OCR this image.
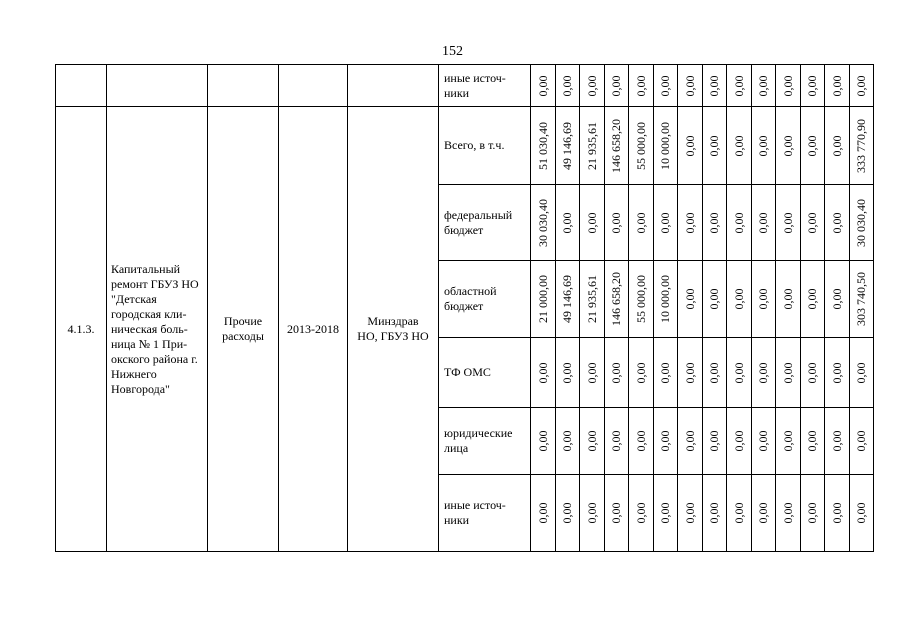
152
					иные источ-
ники	0,00	0,00	0,00	0,00	0,00	0,00	0,00	0,00	0,00	0,00	0,00	0,00	0,00	0,00

4.1.3.	Капитальный ремонт ГБУЗ НО "Детская городская кли-ническая боль-ница № 1 При-окского района г. Нижнего Новгорода"	Прочие расходы	2013-2018	Минздрав НО, ГБУЗ НО	Всего, в т.ч.	51 030,40	49 146,69	21 935,61	146 658,20	55 000,00	10 000,00	0,00	0,00	0,00	0,00	0,00	0,00	0,00	333 770,90

					федеральный бюджет	30 030,40	0,00	0,00	0,00	0,00	0,00	0,00	0,00	0,00	0,00	0,00	0,00	0,00	30 030,40

					областной бюджет	21 000,00	49 146,69	21 935,61	146 658,20	55 000,00	10 000,00	0,00	0,00	0,00	0,00	0,00	0,00	0,00	303 740,50

					ТФ ОМС	0,00	0,00	0,00	0,00	0,00	0,00	0,00	0,00	0,00	0,00	0,00	0,00	0,00	0,00

					юридические лица	0,00	0,00	0,00	0,00	0,00	0,00	0,00	0,00	0,00	0,00	0,00	0,00	0,00	0,00

					иные источ-
ники	0,00	0,00	0,00	0,00	0,00	0,00	0,00	0,00	0,00	0,00	0,00	0,00	0,00	0,00
